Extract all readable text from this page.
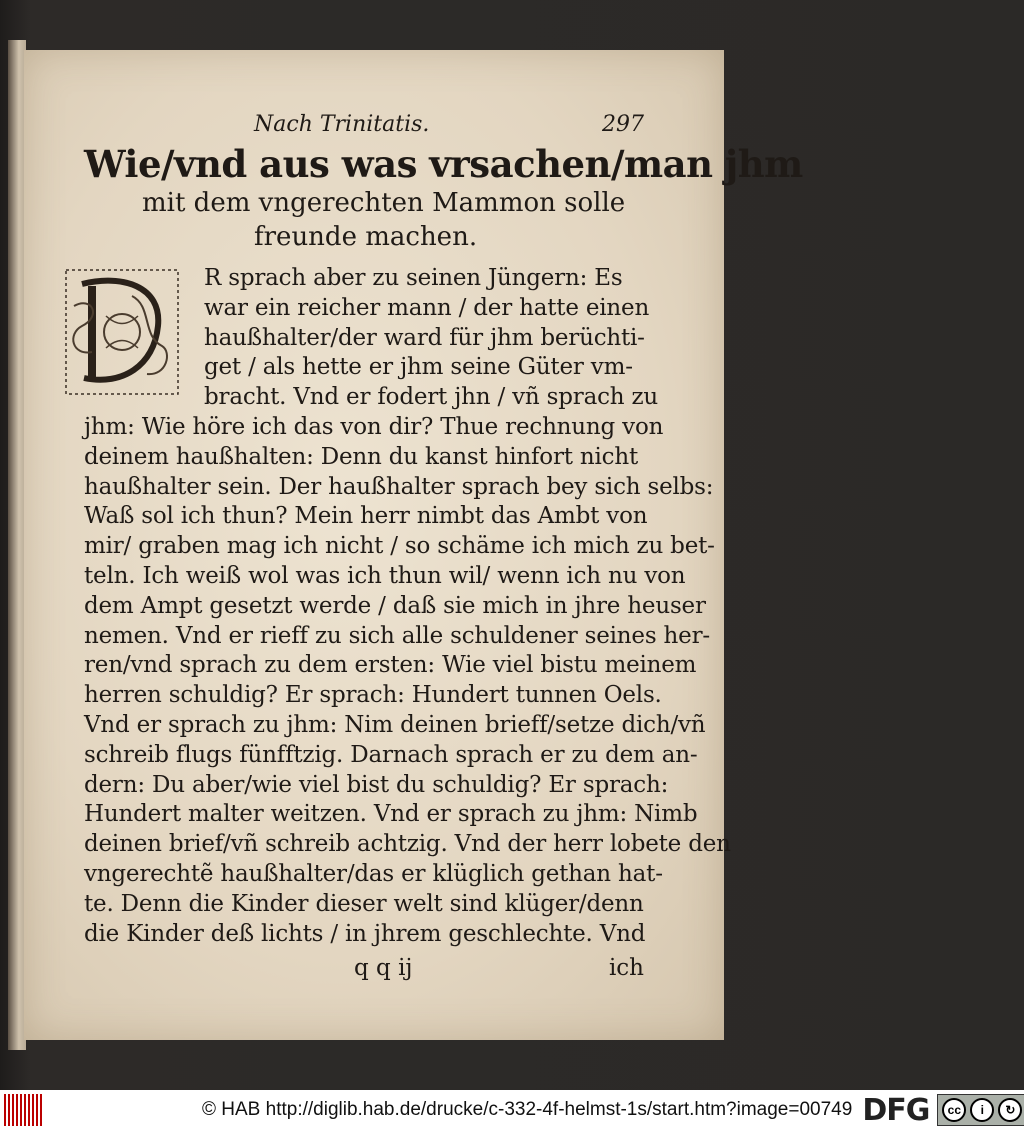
Nach Trinitatis.	297
Wie/vnd aus was vrsachen/man jhm
mit dem vngerechten Mammon solle
freunde machen.
R sprach aber zu seinen Jüngern: Es
war ein reicher mann / der hatte einen
haußhalter/der ward für jhm berüchti-
get / als hette er jhm seine Güter vm-
bracht. Vnd er fodert jhn / vñ sprach zu
jhm: Wie höre ich das von dir? Thue rechnung von
deinem haußhalten: Denn du kanst hinfort nicht
haußhalter sein. Der haußhalter sprach bey sich selbs:
Waß sol ich thun? Mein herr nimbt das Ambt von
mir/ graben mag ich nicht / so schäme ich mich zu bet-
teln. Ich weiß wol was ich thun wil/ wenn ich nu von
dem Ampt gesetzt werde / daß sie mich in jhre heuser
nemen. Vnd er rieff zu sich alle schuldener seines her-
ren/vnd sprach zu dem ersten: Wie viel bistu meinem
herren schuldig? Er sprach: Hundert tunnen Oels.
Vnd er sprach zu jhm: Nim deinen brieff/setze dich/vñ
schreib flugs fünfftzig. Darnach sprach er zu dem an-
dern: Du aber/wie viel bist du schuldig? Er sprach:
Hundert malter weitzen. Vnd er sprach zu jhm: Nimb
deinen brief/vñ schreib achtzig. Vnd der herr lobete den
vngerechtẽ haußhalter/das er klüglich gethan hat-
te. Denn die Kinder dieser welt sind klüger/denn
die Kinder deß lichts / in jhrem geschlechte. Vnd
q q ij	ich
© HAB http://diglib.hab.de/drucke/c-332-4f-helmst-1s/start.htm?image=00749 DFG	cc	i	↻
